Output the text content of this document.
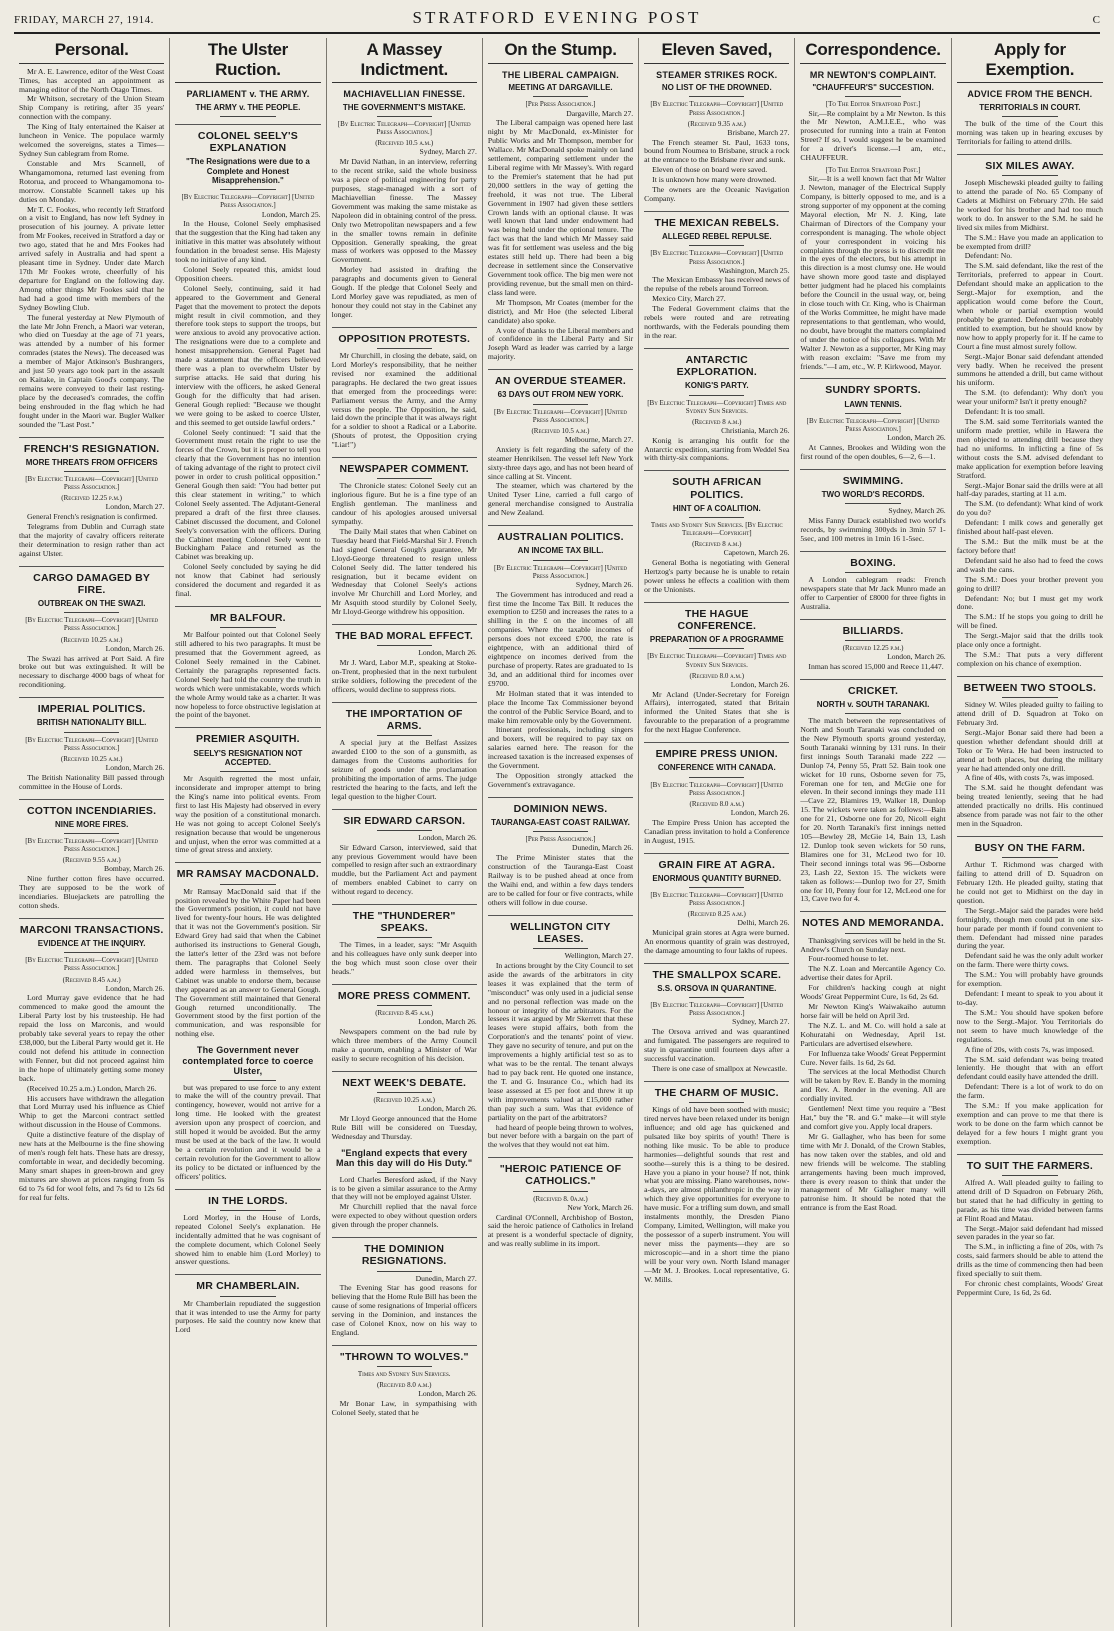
FRIDAY, MARCH 27, 1914.	STRATFORD EVENING POST	C
Personal.

Mr A. E. Lawrence, editor of the West Coast Times, has accepted an appointment as managing editor of the North Otago Times.

Mr Whitson, secretary of the Union Steam Ship Company is retiring, after 35 years' connection with the company.

The King of Italy entertained the Kaiser at luncheon in Venice. The populace warmly welcomed the sovereigns, states a Times—Sydney Sun cablegram from Rome.

Constable and Mrs Scannell, of Whangamomona, returned last evening from Rotorua, and proceed to Whangamomona to-morrow. Constable Scannell takes up his duties on Monday.

Mr T. C. Fookes, who recently left Stratford on a visit to England, has now left Sydney in prosecution of his journey. A private letter from Mr Fookes, received in Stratford a day or two ago, stated that he and Mrs Fookes had arrived safely in Australia and had spent a pleasant time in Sydney. Under date March 17th Mr Fookes wrote, cheerfully of his departure for England on the following day. Among other things Mr Fookes said that he had had a good time with members of the Sydney Bowling Club.

The funeral yesterday at New Plymouth of the late Mr John French, a Maori war veteran, who died on Tuesday at the age of 71 years, was attended by a number of his former comrades (states the News). The deceased was a member of Major Atkinson's Bushrangers, and just 50 years ago took part in the assault on Kaitake, in Captain Good's company. The remains were conveyed to their last resting-place by the deceased's comrades, the coffin being enshrouded in the flag which he had fought under in the Maori war. Bugler Walker sounded the "Last Post."

FRENCH'S RESIGNATION.
MORE THREATS FROM OFFICERS
[By Electric Telegraph—Copyright] [United Press Association.]
(Received 12.25 p.m.)
London, March 27.

General French's resignation is confirmed.

Telegrams from Dublin and Curragh state that the majority of cavalry officers reiterate their determination to resign rather than act against Ulster.

CARGO DAMAGED BY FIRE.
OUTBREAK ON THE SWAZI.
[By Electric Telegraph—Copyright] [United Press Association.]
(Received 10.25 a.m.)
London, March 26.

The Swazi has arrived at Port Said. A fire broke out but was extinguished. It will be necessary to discharge 4000 bags of wheat for reconditioning.

IMPERIAL POLITICS.
BRITISH NATIONALITY BILL.
[By Electric Telegraph—Copyright] [United Press Association.]
(Received 10.25 a.m.)
London, March 26.

The British Nationality Bill passed through committee in the House of Lords.

COTTON INCENDIARIES.
NINE MORE FIRES.
[By Electric Telegraph—Copyright] [United Press Association.]
(Received 9.55 a.m.)
Bombay, March 26.

Nine further cotton fires have occurred. They are supposed to be the work of incendiaries. Bluejackets are patrolling the cotton sheds.

MARCONI TRANSACTIONS.
EVIDENCE AT THE INQUIRY.
[By Electric Telegraph—Copyright] [United Press Association.]
(Received 8.45 a.m.)
London, March 26.

Lord Murray gave evidence that he had commenced to make good the amount the Liberal Party lost by his trusteeship. He had repaid the loss on Marconis, and would probably take several years to repay the other £38,000, but the Liberal Party would get it. He could not defend his attitude in connection with Fenner, but did not proceed against him in the hope of ultimately getting some money back.

(Received 10.25 a.m.) London, March 26.

His accusers have withdrawn the allegation that Lord Murray used his influence as Chief Whip to get the Marconi contract settled without discussion in the House of Commons.

Quite a distinctive feature of the display of new hats at the Melbourne is the fine showing of men's rough felt hats. These hats are dressy, comfortable in wear, and decidedly becoming. Many smart shapes in green-brown and grey mixtures are shown at prices ranging from 5s 6d to 7s 6d for wool felts, and 7s 6d to 12s 6d for real fur felts.

The Ulster Ruction.
PARLIAMENT v. THE ARMY.
THE ARMY v. THE PEOPLE.
COLONEL SEELY'S EXPLANATION
"The Resignations were due to a Complete and Honest Misapprehension."
[By Electric Telegraph—Copyright] [United Press Association.]
London, March 25.

In the House, Colonel Seely emphasised that the suggestion that the King had taken any initiative in this matter was absolutely without foundation in the broadest sense. His Majesty took no initiative of any kind.

Colonel Seely repeated this, amidst loud Opposition cheers.

Colonel Seely, continuing, said it had appeared to the Government and General Paget that the movement to protect the depots might result in civil commotion, and they therefore took steps to support the troops, but were anxious to avoid any provocative action. The resignations were due to a complete and honest misapprehension. General Paget had made a statement that the officers believed there was a plan to overwhelm Ulster by surprise attacks. He said that during his interview with the officers, he asked General Gough for the difficulty that had arisen. General Gough replied: "Because we thought we were going to be asked to coerce Ulster, and this seemed to get outside lawful orders."

Colonel Seely continued: "I said that the Government must retain the right to use the forces of the Crown, but it is proper to tell you clearly that the Government has no intention of taking advantage of the right to protect civil power in order to crush political opposition." General Gough then said: "You had better put this clear statement in writing," to which Colonel Seely assented. The Adjutant-General prepared a draft of the first three clauses. Cabinet discussed the document, and Colonel Seely's conversation with the officers. During the Cabinet meeting Colonel Seely went to Buckingham Palace and returned as the Cabinet was breaking up.

Colonel Seely concluded by saying he did not know that Cabinet had seriously considered the document and regarded it as final.

MR BALFOUR.

Mr Balfour pointed out that Colonel Seely still adhered to his two paragraphs. It must be presumed that the Government agreed, as Colonel Seely remained in the Cabinet. Certainly the paragraphs represented facts. Colonel Seely had told the country the truth in words which were unmistakable, words which the whole Army would take as a charter. It was now hopeless to force obstructive legislation at the point of the bayonet.

PREMIER ASQUITH.
SEELY'S RESIGNATION NOT ACCEPTED.

Mr Asquith regretted the most unfair, inconsiderate and improper attempt to bring the King's name into political events. From first to last His Majesty had observed in every way the position of a constitutional monarch. He was not going to accept Colonel Seely's resignation because that would be ungenerous and unjust, when the error was committed at a time of great stress and anxiety.

MR RAMSAY MACDONALD.

Mr Ramsay MacDonald said that if the position revealed by the White Paper had been the Government's position, it could not have lived for twenty-four hours. He was delighted that it was not the Government's position. Sir Edward Grey had said that when the Cabinet authorised its instructions to General Gough, the latter's letter of the 23rd was not before them. The paragraphs that Colonel Seely added were harmless in themselves, but Cabinet was unable to endorse them, because they appeared as an answer to General Gough. The Government still maintained that General Gough returned unconditionally. The Government stood by the first portion of the communication, and was responsible for nothing else.

The Government never contemplated force to coerce Ulster,

but was prepared to use force to any extent to make the will of the country prevail. That contingency, however, would not arrive for a long time. He looked with the greatest aversion upon any prospect of coercion, and still hoped it would be avoided. But the army must be used at the back of the law. It would be a certain revolution and it would be a certain revolution for the Government to allow its policy to be dictated or influenced by the officers' politics.

IN THE LORDS.

Lord Morley, in the House of Lords, repeated Colonel Seely's explanation. He incidentally admitted that he was cognisant of the complete document, which Colonel Seely showed him to enable him (Lord Morley) to answer questions.

MR CHAMBERLAIN.

Mr Chamberlain repudiated the suggestion that it was intended to use the Army for party purposes. He said the country now knew that Lord

A Massey Indictment.
MACHIAVELLIAN FINESSE.
THE GOVERNMENT'S MISTAKE.
[By Electric Telegraph—Copyright] [United Press Association.]
(Received 10.5 a.m.)
Sydney, March 27.

Mr David Nathan, in an interview, referring to the recent strike, said the whole business was a piece of political engineering for party purposes, stage-managed with a sort of Machiavellian finesse. The Massey Government was making the same mistake as Napoleon did in obtaining control of the press. Only two Metropolitan newspapers and a few in the smaller towns remain in definite Opposition. Generally speaking, the great mass of workers was opposed to the Massey Government.

Morley had assisted in drafting the paragraphs and documents given to General Gough. If the pledge that Colonel Seely and Lord Morley gave was repudiated, as men of honour they could not stay in the Cabinet any longer.

OPPOSITION PROTESTS.

Mr Churchill, in closing the debate, said, on Lord Morley's responsibility, that he neither revised nor examined the additional paragraphs. He declared the two great issues that emerged from the proceedings were: Parliament versus the Army, and the Army versus the people. The Opposition, he said, laid down the principle that it was always right for a soldier to shoot a Radical or a Laborite. (Shouts of protest, the Opposition crying "Liar!")

NEWSPAPER COMMENT.

The Chronicle states: Colonel Seely cut an inglorious figure. But he is a fine type of an English gentleman. The manliness and candour of his apologies aroused universal sympathy.

The Daily Mail states that when Cabinet on Tuesday heard that Field-Marshal Sir J. French had signed General Gough's guarantee, Mr Lloyd-George threatened to resign unless Colonel Seely did. The latter tendered his resignation, but it became evident on Wednesday that Colonel Seely's actions involve Mr Churchill and Lord Morley, and Mr Asquith stood sturdily by Colonel Seely, Mr Lloyd-George withdrew his opposition.

THE BAD MORAL EFFECT.
London, March 26.

Mr J. Ward, Labor M.P., speaking at Stoke-on-Trent, prophesied that in the next turbulent strike soldiers, following the precedent of the officers, would decline to suppress riots.

THE IMPORTATION OF ARMS.

A special jury at the Belfast Assizes awarded £100 to the son of a gunsmith, as damages from the Customs authorities for seizure of goods under the proclamation prohibiting the importation of arms. The judge restricted the hearing to the facts, and left the legal question to the higher Court.

SIR EDWARD CARSON.
London, March 26.

Sir Edward Carson, interviewed, said that any previous Government would have been compelled to resign after such an extraordinary muddle, but the Parliament Act and payment of members enabled Cabinet to carry on without regard to decency.

THE "THUNDERER" SPEAKS.

The Times, in a leader, says: "Mr Asquith and his colleagues have only sunk deeper into the bog which must soon close over their heads."

MORE PRESS COMMENT.
(Received 8.45 a.m.)
London, March 26.

Newspapers comment on the bad rule by which three members of the Army Council make a quorum, enabling a Minister of War easily to secure recognition of his decision.

NEXT WEEK'S DEBATE.
(Received 10.25 a.m.)
London, March 26.

Mr Lloyd George announced that the Home Rule Bill will be considered on Tuesday, Wednesday and Thursday.

"England expects that every Man this day will do His Duty."

Lord Charles Beresford asked, if the Navy is to be given a similar assurance to the Army that they will not be employed against Ulster.

Mr Churchill replied that the naval force were expected to obey without question orders given through the proper channels.

THE DOMINION RESIGNATIONS.
Dunedin, March 27.

The Evening Star has good reasons for believing that the Home Rule Bill has been the cause of some resignations of Imperial officers serving in the Dominion, and instances the case of Colonel Knox, now on his way to England.

"THROWN TO WOLVES."
Times and Sydney Sun Services.
(Received 8.0 a.m.)
London, March 26.

Mr Bonar Law, in sympathising with Colonel Seely, stated that he

On the Stump.
THE LIBERAL CAMPAIGN.
MEETING AT DARGAVILLE.
[Per Press Association.]
Dargaville, March 27.

The Liberal campaign was opened here last night by Mr MacDonald, ex-Minister for Public Works and Mr Thompson, member for Wallace. Mr MacDonald spoke mainly on land settlement, comparing settlement under the Liberal regime with Mr Massey's. With regard to the Premier's statement that he had put 20,000 settlers in the way of getting the freehold, it was not true. The Liberal Government in 1907 had given these settlers Crown lands with an optional clause. It was well known that land under endowment had was being held under the optional tenure. The fact was that the land which Mr Massey said was fit for settlement was useless and the big estates still held up. There had been a big decrease in settlement since the Conservative Government took office. The big men were not providing revenue, but the small men on third-class land were.

Mr Thompson, Mr Coates (member for the district), and Mr Hoe (the selected Liberal candidate) also spoke.

A vote of thanks to the Liberal members and of confidence in the Liberal Party and Sir Joseph Ward as leader was carried by a large majority.

AN OVERDUE STEAMER.
63 DAYS OUT FROM NEW YORK.
[By Electric Telegraph—Copyright] [United Press Association.]
(Received 10.5 a.m.)
Melbourne, March 27.

Anxiety is felt regarding the safety of the steamer Henrikilsen. The vessel left New York sixty-three days ago, and has not been heard of since calling at St. Vincent.

The steamer, which was chartered by the United Tyser Line, carried a full cargo of general merchandise consigned to Australia and New Zealand.

AUSTRALIAN POLITICS.
AN INCOME TAX BILL.
[By Electric Telegraph—Copyright] [United Press Association.]
Sydney, March 26.

The Government has introduced and read a first time the Income Tax Bill. It reduces the exemption to £250 and increases the rates to a shilling in the £ on the incomes of all companies. Where the taxable incomes of persons does not exceed £700, the rate is eightpence, with an additional third of eightpence on incomes derived from the purchase of property. Rates are graduated to 1s 3d, and an additional third for incomes over £9700.

Mr Holman stated that it was intended to place the Income Tax Commissioner beyond the control of the Public Service Board, and to make him removable only by the Government.

Itinerant professionals, including singers and boxers, will be required to pay tax on salaries earned here. The reason for the increased taxation is the increased expenses of the Government.

The Opposition strongly attacked the Government's extravagance.

DOMINION NEWS.
TAURANGA-EAST COAST RAILWAY.
[Per Press Association.]
Dunedin, March 26.

The Prime Minister states that the construction of the Tauranga-East Coast Railway is to be pushed ahead at once from the Waihi end, and within a few days tenders are to be called for four or five contracts, while others will follow in due course.

WELLINGTON CITY LEASES.
Wellington, March 27.

In actions brought by the City Council to set aside the awards of the arbitrators in city leases it was explained that the term of "misconduct" was only used in a judicial sense and no personal reflection was made on the honour or integrity of the arbitrators. For the lessees it was argued by Mr Skerrett that these leases were stupid affairs, both from the Corporation's and the tenants' point of view. They gave no security of tenure, and put on the improvements a highly artificial test so as to what was to be the rental. The tenant always had to pay back rent. He quoted one instance, the T. and G. Insurance Co., which had its lease assessed at £5 per foot and threw it up with improvements valued at £15,000 rather than pay such a sum. Was that evidence of partiality on the part of the arbitrators?

had heard of people being thrown to wolves, but never before with a bargain on the part of the wolves that they would not eat him.

"HEROIC PATIENCE OF CATHOLICS."
(Received 8. 0a.m.)
New York, March 26.

Cardinal O'Connell, Archbishop of Boston, said the heroic patience of Catholics in Ireland at present is a wonderful spectacle of dignity, and was really sublime in its import.

Eleven Saved,
STEAMER STRIKES ROCK.
NO LIST OF THE DROWNED.
[By Electric Telegraph—Copyright] [United Press Association.]
(Received 9.35 a.m.)
Brisbane, March 27.

The French steamer St. Paul, 1633 tons, bound from Noumea to Brisbane, struck a rock at the entrance to the Brisbane river and sunk.

Eleven of those on board were saved.

It is unknown how many were drowned.

The owners are the Oceanic Navigation Company.

THE MEXICAN REBELS.
ALLEGED REBEL REPULSE.
[By Electric Telegraph—Copyright] [United Press Association.]
Washington, March 25.

The Mexican Embassy has received news of the repulse of the rebels around Torreon.

Mexico City, March 27.

The Federal Government claims that the rebels were routed and are retreating northwards, with the Federals pounding them in the rear.

ANTARCTIC EXPLORATION.
KONIG'S PARTY.
[By Electric Telegraph—Copyright] Times and Sydney Sun Services.
(Received 8 a.m.)
Christiania, March 26.

Konig is arranging his outfit for the Antarctic expedition, starting from Weddel Sea with thirty-six companions.

SOUTH AFRICAN POLITICS.
HINT OF A COALITION.
Times and Sydney Sun Services. [By Electric Telegraph—Copyright]
(Received 8 a.m.)
Capetown, March 26.

General Botha is negotiating with General Hertzog's party because he is unable to retain power unless he effects a coalition with them or the Unionists.

THE HAGUE CONFERENCE.
PREPARATION OF A PROGRAMME
[By Electric Telegraph—Copyright] Times and Sydney Sun Services.
(Received 8.0 a.m.)
London, March 26.

Mr Acland (Under-Secretary for Foreign Affairs), interrogated, stated that Britain informed the United States that she is favourable to the preparation of a programme for the next Hague Conference.

EMPIRE PRESS UNION.
CONFERENCE WITH CANADA.
[By Electric Telegraph—Copyright] [United Press Association.]
(Received 8.0 a.m.)
London, March 26.

The Empire Press Union has accepted the Canadian press invitation to hold a Conference in August, 1915.

GRAIN FIRE AT AGRA.
ENORMOUS QUANTITY BURNED.
[By Electric Telegraph—Copyright] [United Press Association.]
(Received 8.25 a.m.)
Delhi, March 26.

Municipal grain stores at Agra were burned. An enormous quantity of grain was destroyed, the damage amounting to four lakhs of rupees.

THE SMALLPOX SCARE.
S.S. ORSOVA IN QUARANTINE.
[By Electric Telegraph—Copyright] [United Press Association.]
Sydney, March 27.

The Orsova arrived and was quarantined and fumigated. The passengers are required to stay in quarantine until fourteen days after a successful vaccination.

There is one case of smallpox at Newcastle.

THE CHARM OF MUSIC.

Kings of old have been soothed with music; tired nerves have been relaxed under its benign influence; and old age has quickened and pulsated like boy spirits of youth! There is nothing like music. To be able to produce harmonies—delightful sounds that rest and soothe—surely this is a thing to be desired. Have you a piano in your house? If not, think what you are missing. Piano warehouses, now-a-days, are almost philanthropic in the way in which they give opportunities for everyone to have music. For a trifling sum down, and small instalments monthly, the Dresden Piano Company, Limited, Wellington, will make you the possessor of a superb instrument. You will never miss the payments—they are so microscopic—and in a short time the piano will be your very own. North Island manager—Mr M. J. Brookes. Local representative, G. W. Mills.

Correspondence.
MR NEWTON'S COMPLAINT.
"CHAUFFEUR'S" SUCCESTION.
[To The Editor Stratford Post.]

Sir,—Re complaint by a Mr Newton. Is this the Mr Newton, A.M.I.E.E., who was prosecuted for running into a train at Fenton Street? If so, I would suggest he be examined for a driver's license.—I am, etc., CHAUFFEUR.

[To The Editor Stratford Post.]

Sir,—It is a well known fact that Mr Walter J. Newton, manager of the Electrical Supply Company, is bitterly opposed to me, and is a strong supporter of my opponent at the coming Mayoral election, Mr N. J. King, late Chairman of Directors of the Company your correspondent is managing. The whole object of your correspondent in voicing his complaints through the press is to discredit me in the eyes of the electors, but his attempt in this direction is a most clumsy one. He would have shown more good taste and displayed better judgment had he placed his complaints before the Council in the usual way, or, being in close touch with Cr. King, who is Chairman of the Works Committee, he might have made representations to that gentleman, who would, no doubt, have brought the matters complained of under the notice of his colleagues. With Mr Walter J. Newton as a supporter, Mr King may with reason exclaim: "Save me from my friends."—I am, etc., W. P. Kirkwood, Mayor.

SUNDRY SPORTS.
LAWN TENNIS.
[By Electric Telegraph—Copyright] [United Press Association.]
London, March 26.

At Cannes, Brookes and Wilding won the first round of the open doubles, 6—2, 6—1.

SWIMMING.
TWO WORLD'S RECORDS.
Sydney, March 26.

Miss Fanny Durack established two world's records, by swimming 300yds in 3min 57 1-5sec, and 100 metres in 1min 16 1-5sec.

BOXING.

A London cablegram reads: French newspapers state that Mr Jack Munro made an offer to Carpentier of £8000 for three fights in Australia.

BILLIARDS.
(Received 12.25 p.m.)
London, March 26.

Inman has scored 15,000 and Reece 11,447.

CRICKET.
NORTH v. SOUTH TARANAKI.

The match between the representatives of North and South Taranaki was concluded on the New Plymouth sports ground yesterday, South Taranaki winning by 131 runs. In their first innings South Taranaki made 222 —Dunlop 74, Penny 55, Pratt 52. Bain took one wicket for 10 runs, Osborne seven for 75, Foreman one for ten, and McGie one for eleven. In their second innings they made 111—Cave 22, Blamires 19, Walker 18, Dunlop 15. The wickets were taken as follows:—Bain one for 21, Osborne one for 20, Nicoll eight for 20. North Taranaki's first innings netted 105—Bewley 28, McGie 14, Bain 13, Lash 12. Dunlop took seven wickets for 50 runs, Blamires one for 31, McLeod two for 10. Their second innings total was 96—Osborne 23, Lash 22, Sexton 15. The wickets were taken as follows:—Dunlop two for 27, Smith one for 10, Penny four for 12, McLeod one for 13, Cave two for 4.

NOTES AND MEMORANDA.

Thanksgiving services will be held in the St. Andrew's Church on Sunday next.

Four-roomed house to let.

The N.Z. Loan and Mercantile Agency Co. advertise their dates for April.

For children's hacking cough at night Woods' Great Peppermint Cure, 1s 6d, 2s 6d.

Mr Newton King's Waiwakaiho autumn horse fair will be held on April 3rd.

The N.Z. L. and M. Co. will hold a sale at Kohuratahi on Wednesday, April 1st. Particulars are advertised elsewhere.

For Influenza take Woods' Great Peppermint Cure. Never fails. 1s 6d, 2s 6d.

The services at the local Methodist Church will be taken by Rev. E. Bandy in the morning and Rev. A. Render in the evening. All are cordially invited.

Gentlemen! Next time you require a "Best Hat," buy the "R. and G." make—it will style and comfort give you. Apply local drapers.

Mr G. Gallagher, who has been for some time with Mr J. Donald, of the Crown Stables, has now taken over the stables, and old and new friends will be welcome. The stabling arrangements having been much improved, there is every reason to think that under the management of Mr Gallagher many will patronise him. It should be noted that the entrance is from the East Road.

Apply for Exemption.
ADVICE FROM THE BENCH.
TERRITORIALS IN COURT.

The bulk of the time of the Court this morning was taken up in hearing excuses by Territorials for failing to attend drills.

SIX MILES AWAY.

Joseph Mischewski pleaded guilty to failing to attend the parade of No. 65 Company of Cadets at Midhirst on February 27th. He said he worked for his brother and had too much work to do. In answer to the S.M. he said he lived six miles from Midhirst.

The S.M.: Have you made an application to be exempted from drill?

Defendant: No.

The S.M. said defendant, like the rest of the Territorials, preferred to appear in Court. Defendant should make an application to the Sergt.-Major for exemption, and the application would come before the Court, when whole or partial exemption would probably be granted. Defendant was probably entitled to exemption, but he should know by now how to apply properly for it. If he came to Court a fine must almost surely follow.

Sergt.-Major Bonar said defendant attended very badly. When he received the present summons he attended a drill, but came without his uniform.

The S.M. (to defendant): Why don't you wear your uniform? Isn't it pretty enough?

Defendant: It is too small.

The S.M. said some Territorials wanted the uniform made prettier, while in Hawera the men objected to attending drill because they had no uniforms. In inflicting a fine of 5s without costs the S.M. advised defendant to make application for exemption before leaving Stratford.

Sergt.-Major Bonar said the drills were at all half-day parades, starting at 11 a.m.

The S.M. (to defendant): What kind of work do you do?

Defendant: I milk cows and generally get finished about half-past eleven.

The S.M.: But the milk must be at the factory before that!

Defendant said he also had to feed the cows and wash the cans.

The S.M.: Does your brother prevent you going to drill?

Defendant: No; but I must get my work done.

The S.M.: If he stops you going to drill he will be fined.

The Sergt.-Major said that the drills took place only once a fortnight.

The S.M.: That puts a very different complexion on his chance of exemption.

BETWEEN TWO STOOLS.

Sidney W. Wiles pleaded guilty to failing to attend drill of D. Squadron at Toko on February 3rd.

Sergt.-Major Bonar said there had been a question whether defendant should drill at Toko or Te Wera. He had been instructed to attend at both places, but during the military year he had attended only one drill.

A fine of 40s, with costs 7s, was imposed.

The S.M. said he thought defendant was being treated leniently, seeing that he had attended practically no drills. His continued absence from parade was not fair to the other men in the Squadron.

BUSY ON THE FARM.

Arthur T. Richmond was charged with failing to attend drill of D. Squadron on February 12th. He pleaded guilty, stating that he could not get to Midhirst on the day in question.

The Sergt.-Major said the parades were held fortnightly, though men could put in one six-hour parade per month if found convenient to them. Defendant had missed nine parades during the year.

Defendant said he was the only adult worker on the farm. There were thirty cows.

The S.M.: You will probably have grounds for exemption.

Defendant: I meant to speak to you about it to-day.

The S.M.: You should have spoken before now to the Sergt.-Major. You Territorials do not seem to have much knowledge of the regulations.

A fine of 20s, with costs 7s, was imposed.

The S.M. said defendant was being treated leniently. He thought that with an effort defendant could easily have attended the drill.

Defendant: There is a lot of work to do on the farm.

The S.M.: If you make application for exemption and can prove to me that there is work to be done on the farm which cannot be delayed for a few hours I might grant you exemption.

TO SUIT THE FARMERS.

Alfred A. Wall pleaded guilty to failing to attend drill of D Squadron on February 26th, but stated that he had difficulty in getting to parade, as his time was divided between farms at Flint Road and Matau.

The Sergt.-Major said defendant had missed seven parades in the year so far.

The S.M., in inflicting a fine of 20s, with 7s costs, said farmers should be able to attend the drills as the time of commencing then had been fixed specially to suit them.

For chronic chest complaints, Woods' Great Peppermint Cure, 1s 6d, 2s 6d.
